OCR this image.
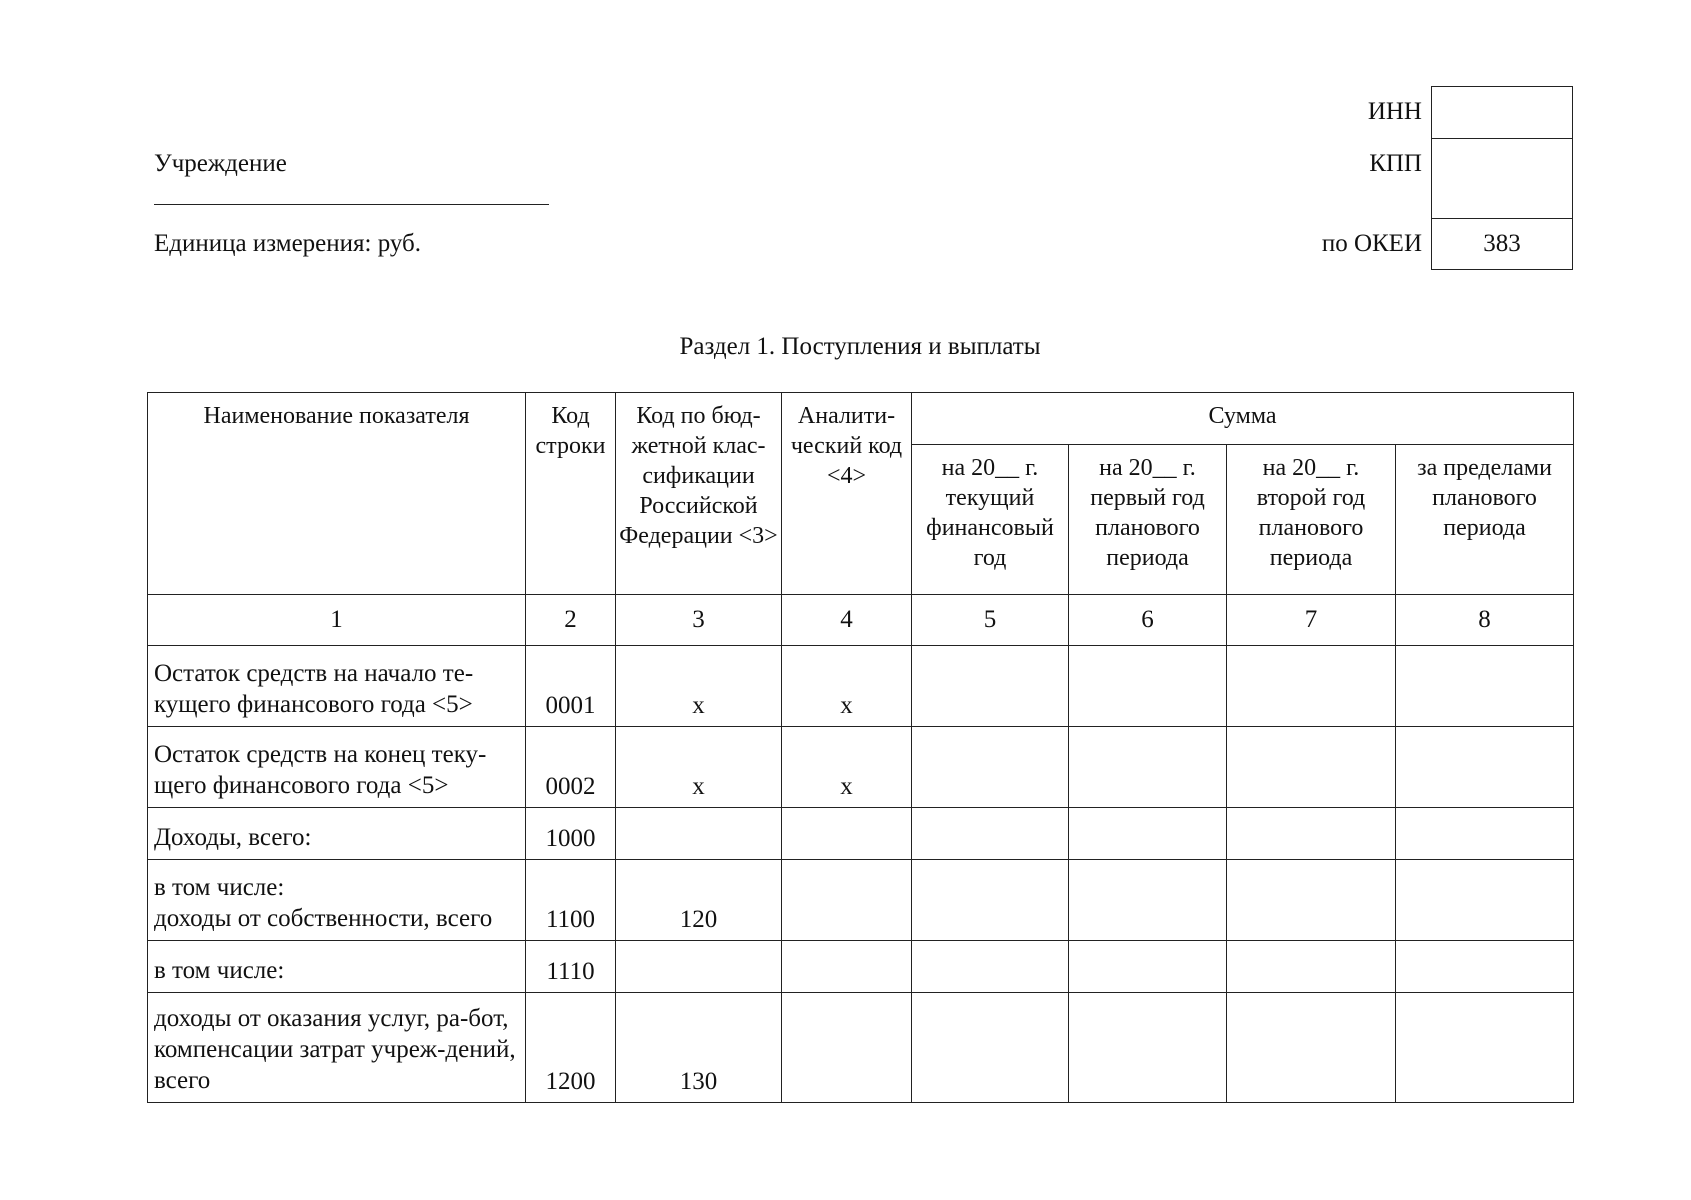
Учреждение
Единица измерения: руб.
ИНН
КПП
по ОКЕИ	383
Раздел 1. Поступления и выплаты
Наименование показателя	Код строки	Код по бюд-жетной клас-сификации Российской Федерации <3>	Аналити-ческий код <4>	Сумма			
				на 20__ г. текущий финансовый год	на 20__ г. первый год планового периода	на 20__ г. второй год планового периода	за пределами планового периода
1	2	3	4	5	6	7	8
Остаток средств на начало те-кущего финансового года <5>	0001	x	x				
Остаток средств на конец теку-щего финансового года <5>	0002	x	x				
Доходы, всего:	1000						
в том числе:
доходы от собственности, всего	1100	120					
в том числе:	1110						
доходы от оказания услуг, ра-бот, компенсации затрат учреж-дений, всего	1200	130					
